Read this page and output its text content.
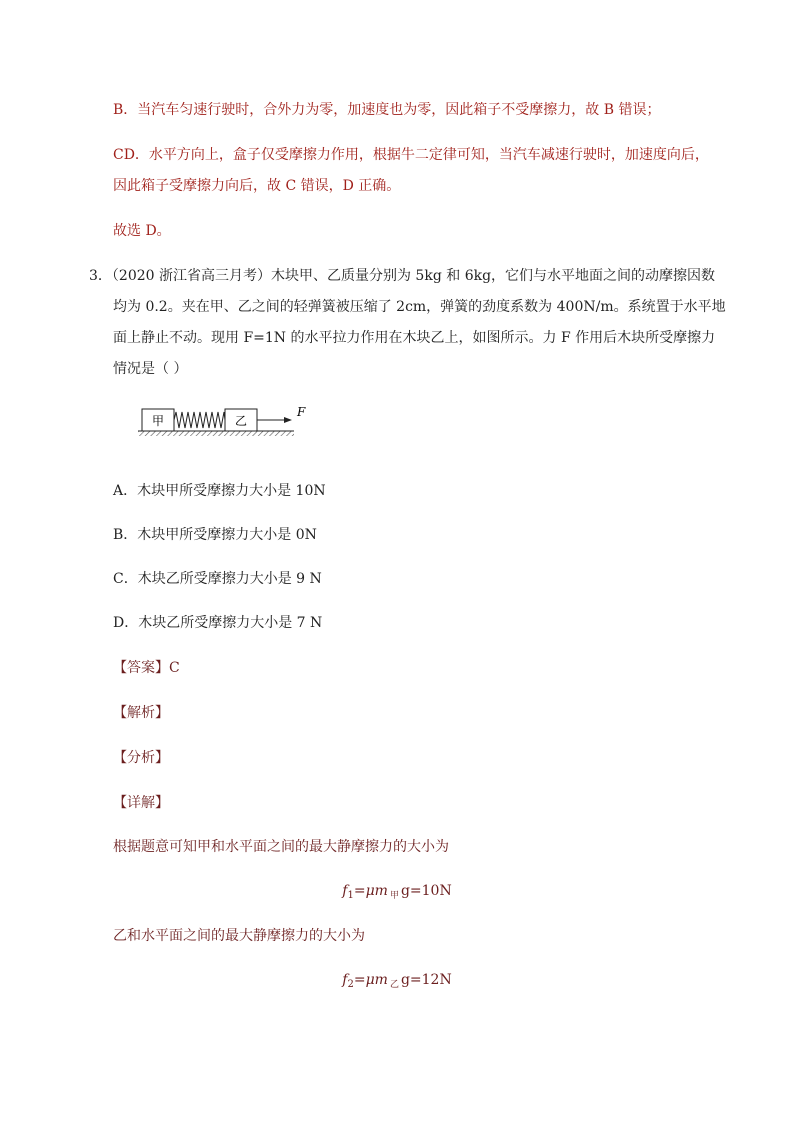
B．当汽车匀速行驶时，合外力为零，加速度也为零，因此箱子不受摩擦力，故 B 错误；
CD．水平方向上，盒子仅受摩擦力作用，根据牛二定律可知，当汽车减速行驶时，加速度向后，
因此箱子受摩擦力向后，故 C 错误，D 正确。
故选 D。
3．（2020 浙江省高三月考）木块甲、乙质量分别为 5kg 和 6kg，它们与水平地面之间的动摩擦因数
均为 0.2。夹在甲、乙之间的轻弹簧被压缩了 2cm，弹簧的劲度系数为 400N/m。系统置于水平地
面上静止不动。现用 F=1N 的水平拉力作用在木块乙上，如图所示。力 F 作用后木块所受摩擦力
情况是（ ）
甲	乙
F
A．木块甲所受摩擦力大小是 10N
B．木块甲所受摩擦力大小是 0N
C．木块乙所受摩擦力大小是 9 N
D．木块乙所受摩擦力大小是 7 N
【答案】C
【解析】
【分析】
【详解】
根据题意可知甲和水平面之间的最大静摩擦力的大小为
$f_1=\mu m$ $_甲$ g=10N
乙和水平面之间的最大静摩擦力的大小为
$f_2=\mu m$ $_乙$ g=12N
